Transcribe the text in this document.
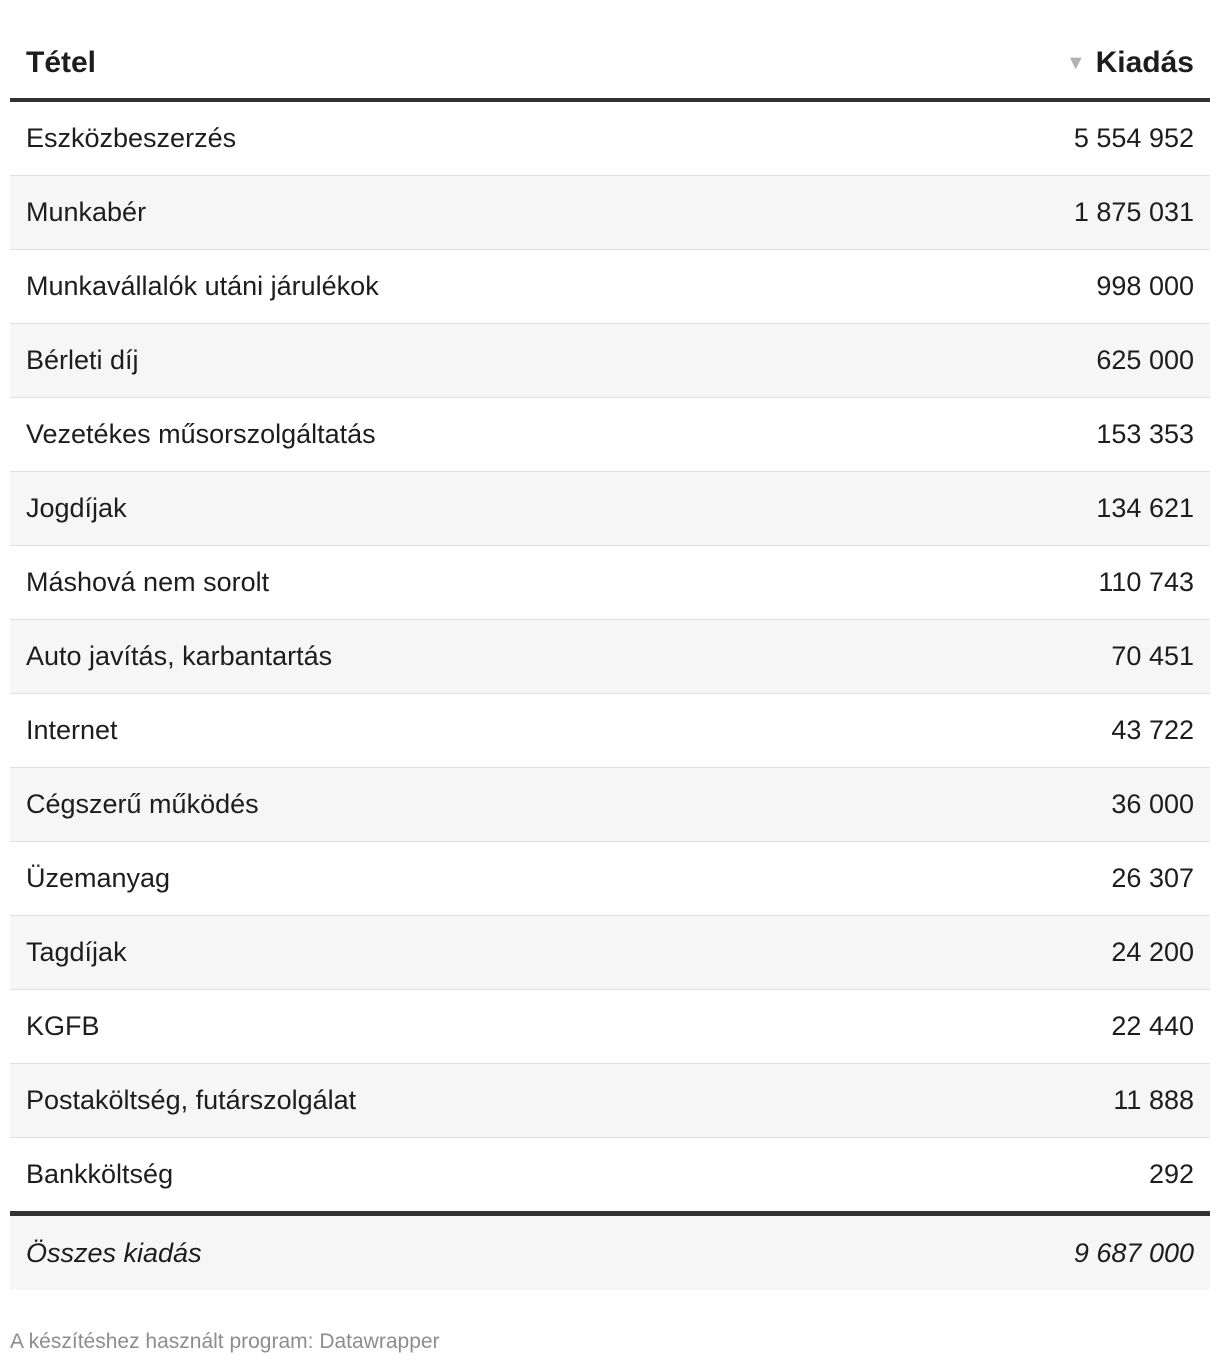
Tétel	▼ Kiadás
Eszközbeszerzés	5 554 952
Munkabér	1 875 031
Munkavállalók utáni járulékok	998 000
Bérleti díj	625 000
Vezetékes műsorszolgáltatás	153 353
Jogdíjak	134 621
Máshová nem sorolt	110 743
Auto javítás, karbantartás	70 451
Internet	43 722
Cégszerű működés	36 000
Üzemanyag	26 307
Tagdíjak	24 200
KGFB	22 440
Postaköltség, futárszolgálat	11 888
Bankköltség	292
Összes kiadás	9 687 000
A készítéshez használt program: Datawrapper
